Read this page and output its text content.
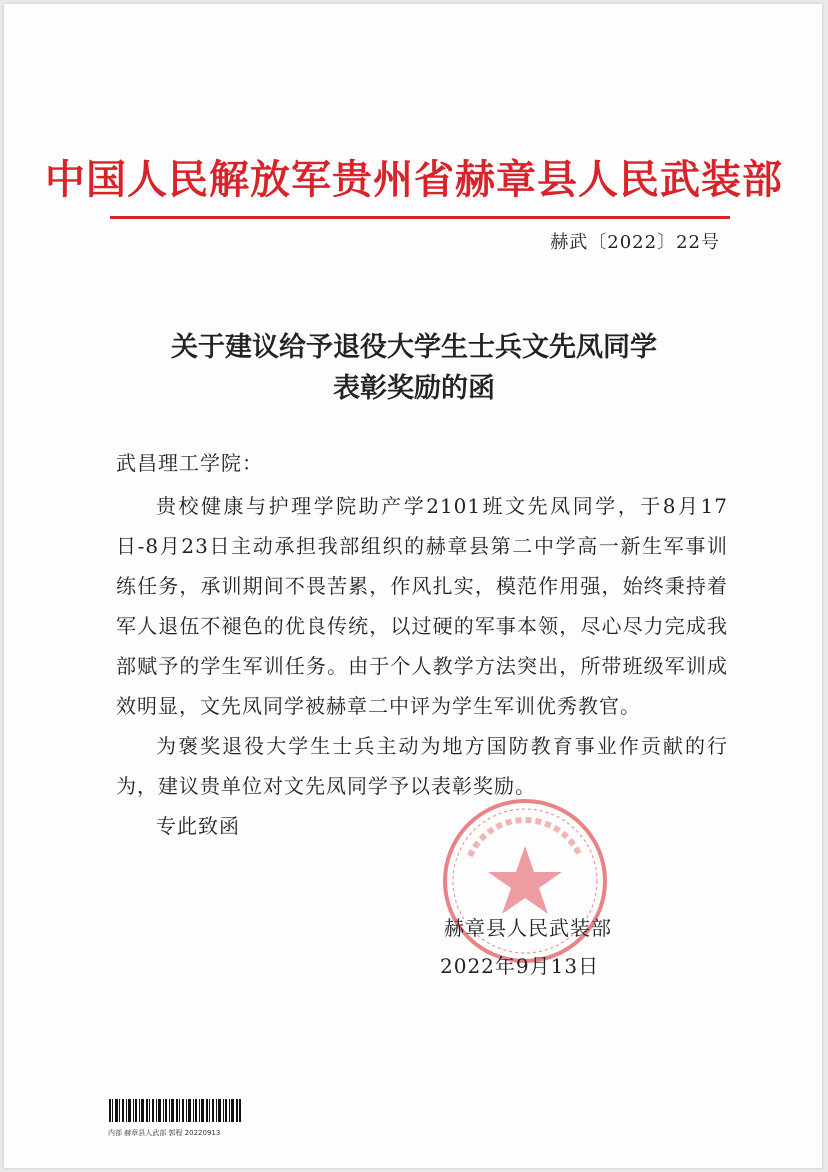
中国人民解放军贵州省赫章县人民武装部
赫武〔2022〕22号
关于建议给予退役大学生士兵文先凤同学
表彰奖励的函
武昌理工学院：

贵校健康与护理学院助产学2101班文先凤同学，于8月17日-8月23日主动承担我部组织的赫章县第二中学高一新生军事训练任务，承训期间不畏苦累，作风扎实，模范作用强，始终秉持着军人退伍不褪色的优良传统，以过硬的军事本领，尽心尽力完成我部赋予的学生军训任务。由于个人教学方法突出，所带班级军训成效明显，文先凤同学被赫章二中评为学生军训优秀教官。

为褒奖退役大学生士兵主动为地方国防教育事业作贡献的行为，建议贵单位对文先凤同学予以表彰奖励。

专此致函

赫章县人民武装部
2022年9月13日
内部 赫章县人武部 郭程 20220913
